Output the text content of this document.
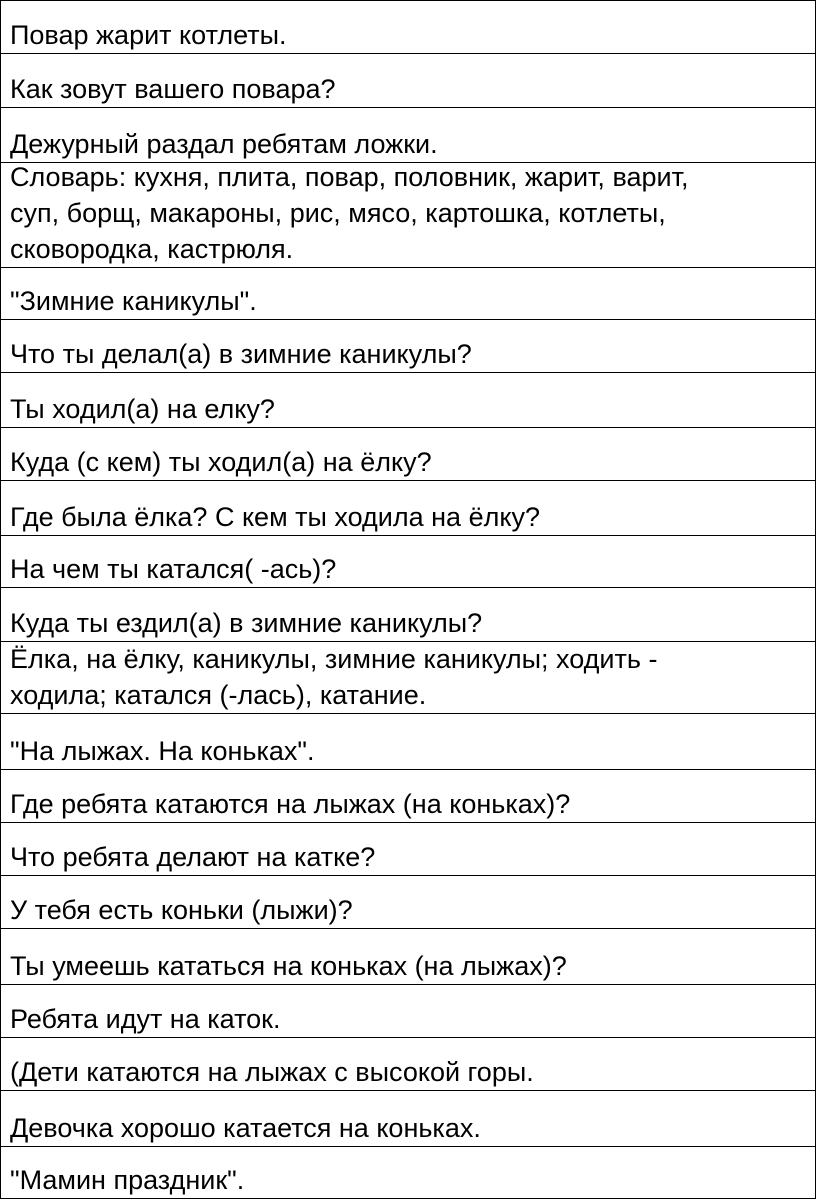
Повар жарит котлеты.
Как зовут вашего повара?
Дежурный раздал ребятам ложки.
Словарь: кухня, плита, повар, половник, жарит, варит,
суп, борщ, макароны, рис, мясо, картошка, котлеты,
сковородка, кастрюля.
"Зимние каникулы".
Что ты делал(а) в зимние каникулы?
Ты ходил(а) на елку?
Куда (с кем) ты ходил(а) на ёлку?
Где была ёлка? С кем ты ходила на ёлку?
На чем ты катался( -ась)?
Куда ты ездил(а) в зимние каникулы?
Ёлка, на ёлку, каникулы, зимние каникулы; ходить -
ходила; катался (-лась), катание.
"На лыжах. На коньках".
Где ребята катаются на лыжах (на коньках)?
Что ребята делают на катке?
У тебя есть коньки (лыжи)?
Ты умеешь кататься на коньках (на лыжах)?
Ребята идут на каток.
(Дети катаются на лыжах с высокой горы.
Девочка хорошо катается на коньках.
"Мамин праздник".
